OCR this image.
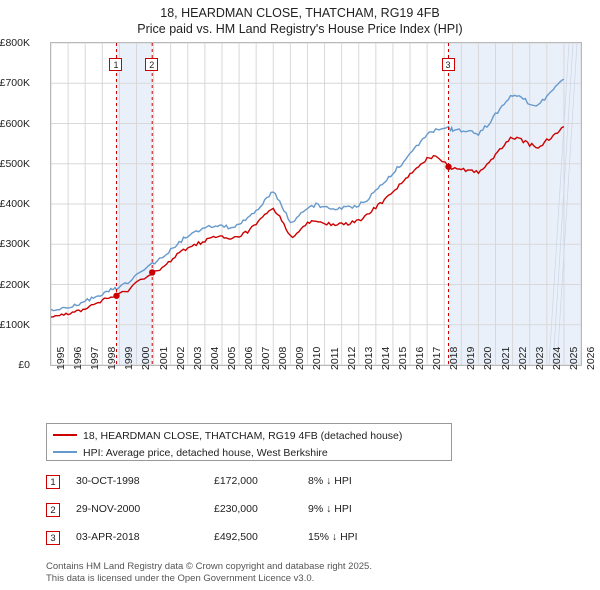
18, HEARDMAN CLOSE, THATCHAM, RG19 4FB
Price paid vs. HM Land Registry's House Price Index (HPI)
£0
£100K
£200K
£300K
£400K
£500K
£600K
£700K
£800K
1995 1996 1997 1998 1999 2000 2001 2002 2003 2004 2005 2006 2007 2008 2009 2010 2011 2012 2013 2014 2015 2016 2017 2018 2019 2020 2021 2022 2023 2024 2025 2026
1	2	3
18, HEARDMAN CLOSE, THATCHAM, RG19 4FB (detached house)
HPI: Average price, detached house, West Berkshire
1	30-OCT-1998	£172,000	8% ↓ HPI
2	29-NOV-2000	£230,000	9% ↓ HPI
3	03-APR-2018	£492,500	15% ↓ HPI
Contains HM Land Registry data © Crown copyright and database right 2025.
This data is licensed under the Open Government Licence v3.0.
